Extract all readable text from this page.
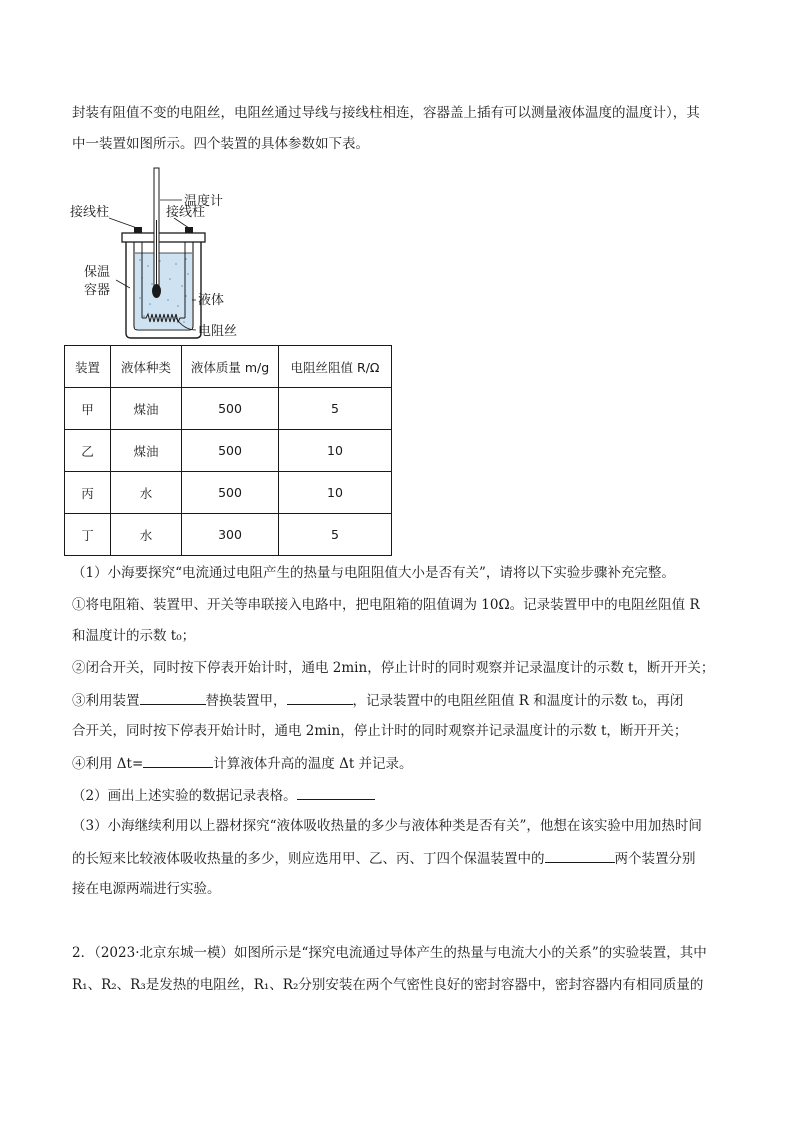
封装有阻值不变的电阻丝，电阻丝通过导线与接线柱相连，容器盖上插有可以测量液体温度的温度计），其
中一装置如图所示。四个装置的具体参数如下表。
温度计
接线柱	接线柱
保温
容器
液体
电阻丝
装置	液体种类	液体质量 m/g	电阻丝阻值 R/Ω
甲	煤油	500	5
乙	煤油	500	10
丙	水	500	10
丁	水	300	5
（1）小海要探究“电流通过电阻产生的热量与电阻阻值大小是否有关”，请将以下实验步骤补充完整。
①将电阻箱、装置甲、开关等串联接入电路中，把电阻箱的阻值调为 10Ω。记录装置甲中的电阻丝阻值 R
和温度计的示数 t₀；
②闭合开关，同时按下停表开始计时，通电 2min，停止计时的同时观察并记录温度计的示数 t，断开开关；
③利用装置	替换装置甲，	，记录装置中的电阻丝阻值 R 和温度计的示数 t₀，再闭
合开关，同时按下停表开始计时，通电 2min，停止计时的同时观察并记录温度计的示数 t，断开开关；
④利用 Δt=	计算液体升高的温度 Δt 并记录。
（2）画出上述实验的数据记录表格。
（3）小海继续利用以上器材探究“液体吸收热量的多少与液体种类是否有关”，他想在该实验中用加热时间
的长短来比较液体吸收热量的多少，则应选用甲、乙、丙、丁四个保温装置中的	两个装置分别
接在电源两端进行实验。
2．（2023·北京东城一模）如图所示是“探究电流通过导体产生的热量与电流大小的关系”的实验装置，其中
R₁、R₂、R₃是发热的电阻丝，R₁、R₂分别安装在两个气密性良好的密封容器中，密封容器内有相同质量的
